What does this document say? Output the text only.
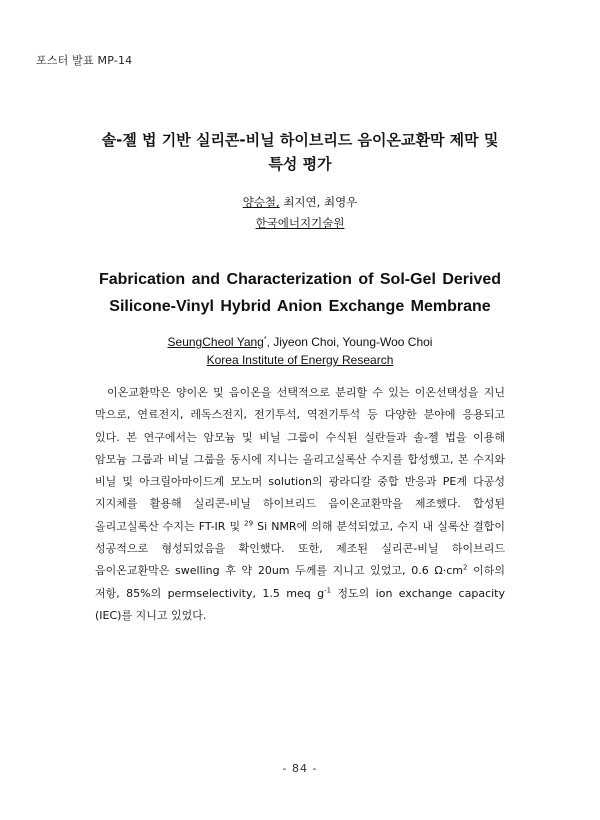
포스터 발표 MP-14
솔-젤 법 기반 실리콘-비닐 하이브리드 음이온교환막 제막 및
특성 평가
양승철, 최지연, 최영우
한국에너지기술원
Fabrication and Characterization of Sol-Gel Derived
Silicone-Vinyl Hybrid Anion Exchange Membrane
SeungCheol Yang*, Jiyeon Choi, Young-Woo Choi
Korea Institute of Energy Research
이온교환막은 양이온 및 음이온을 선택적으로 분리할 수 있는 이온선택성을 지닌 막으로, 연료전지, 레독스전지, 전기투석, 역전기투석 등 다양한 분야에 응용되고 있다. 본 연구에서는 암모늄 및 비닐 그룹이 수식된 실란들과 솔-젤 법을 이용해 암모늄 그룹과 비닐 그룹을 동시에 지니는 올리고실록산 수지를 합성했고, 본 수지와 비닐 및 아크릴아마이드계 모노머 solution의 광라디칼 중합 반응과 PE계 다공성 지지체를 활용해 실리콘-비닐 하이브리드 음이온교환막을 제조했다. 합성된 올리고실록산 수지는 FT-IR 및 $^{29}$ Si NMR에 의해 분석되었고, 수지 내 실록산 결합이 성공적으로 형성되었음을 확인했다. 또한, 제조된 실리콘-비닐 하이브리드 음이온교환막은 swelling 후 약 20um 두께를 지니고 있었고, 0.6 $\Omega\cdot cm^2$ 이하의 저항, 85%의 permselectivity, 1.5 meq $g^{-1}$ 정도의 ion exchange capacity (IEC)를 지니고 있었다.
- 84 -
